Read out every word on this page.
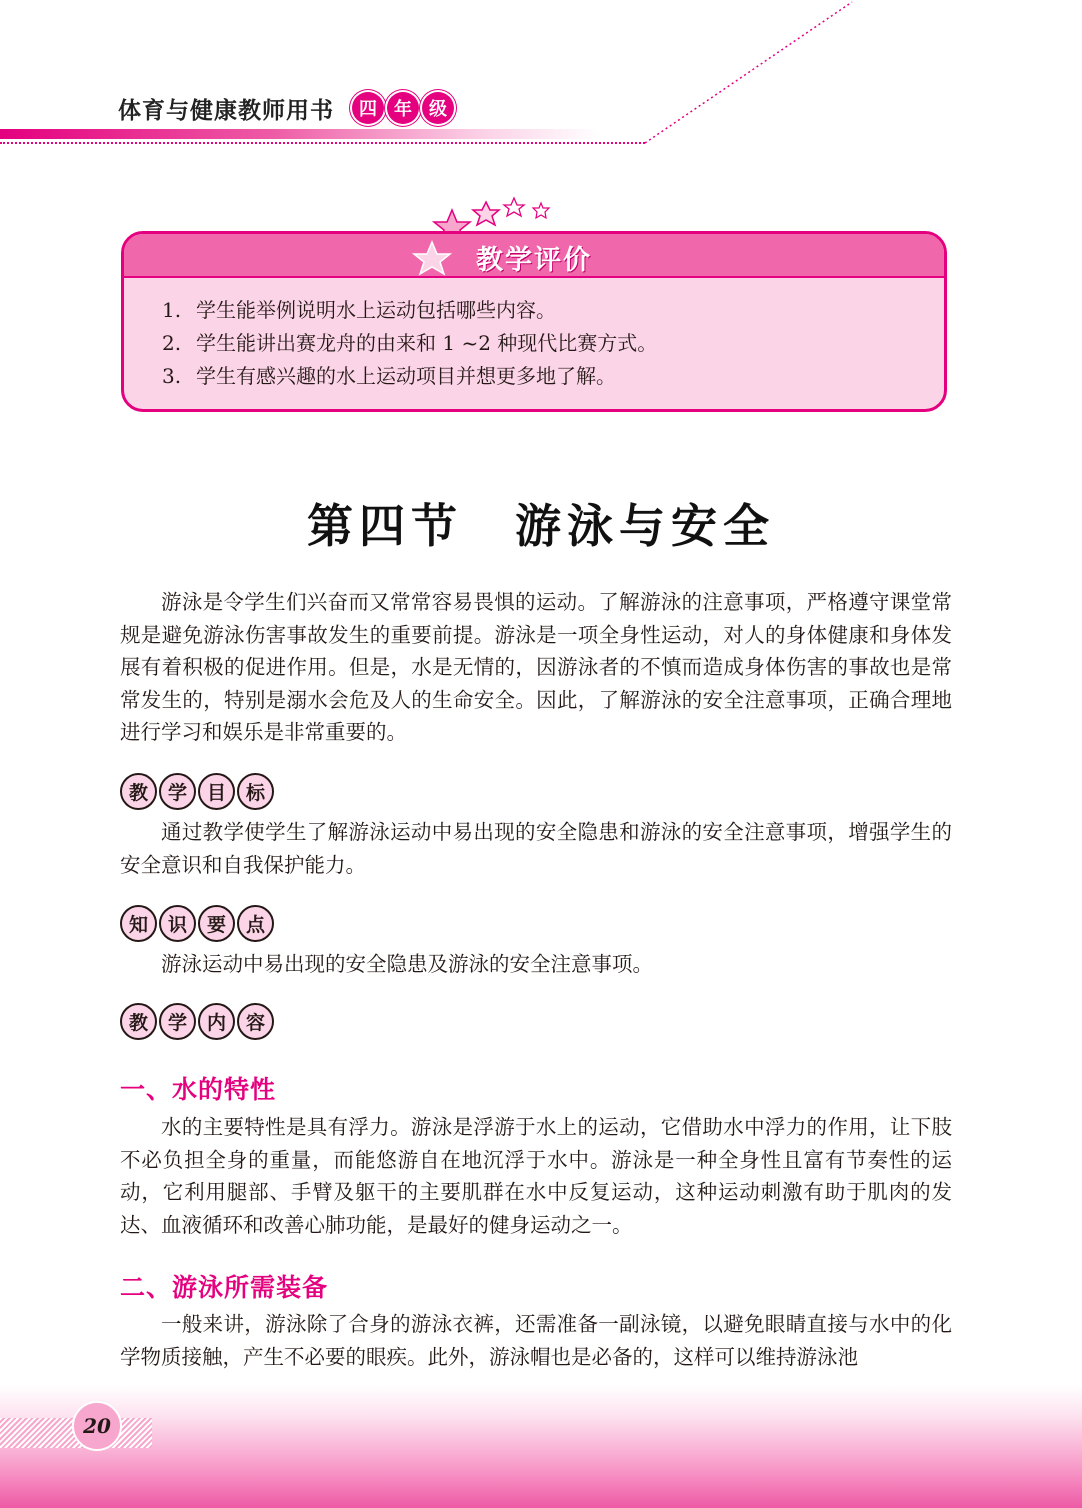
体育与健康教师用书	四 年 级
教学评价
1. 学生能举例说明水上运动包括哪些内容。
2. 学生能讲出赛龙舟的由来和 1 ~2 种现代比赛方式。
3. 学生有感兴趣的水上运动项目并想更多地了解。
第四节　游泳与安全

游泳是令学生们兴奋而又常常容易畏惧的运动。了解游泳的注意事项，严格遵守课堂常规是避免游泳伤害事故发生的重要前提。游泳是一项全身性运动，对人的身体健康和身体发展有着积极的促进作用。但是，水是无情的，因游泳者的不慎而造成身体伤害的事故也是常常发生的，特别是溺水会危及人的生命安全。因此，了解游泳的安全注意事项，正确合理地进行学习和娱乐是非常重要的。

教	学	目	标

通过教学使学生了解游泳运动中易出现的安全隐患和游泳的安全注意事项，增强学生的安全意识和自我保护能力。

知	识	要	点

游泳运动中易出现的安全隐患及游泳的安全注意事项。

教	学	内	容
一、水的特性

水的主要特性是具有浮力。游泳是浮游于水上的运动，它借助水中浮力的作用，让下肢不必负担全身的重量，而能悠游自在地沉浮于水中。游泳是一种全身性且富有节奏性的运动，它利用腿部、手臂及躯干的主要肌群在水中反复运动，这种运动刺激有助于肌肉的发达、血液循环和改善心肺功能，是最好的健身运动之一。

二、游泳所需装备

一般来讲，游泳除了合身的游泳衣裤，还需准备一副泳镜，以避免眼睛直接与水中的化学物质接触，产生不必要的眼疾。此外，游泳帽也是必备的，这样可以维持游泳池

20
